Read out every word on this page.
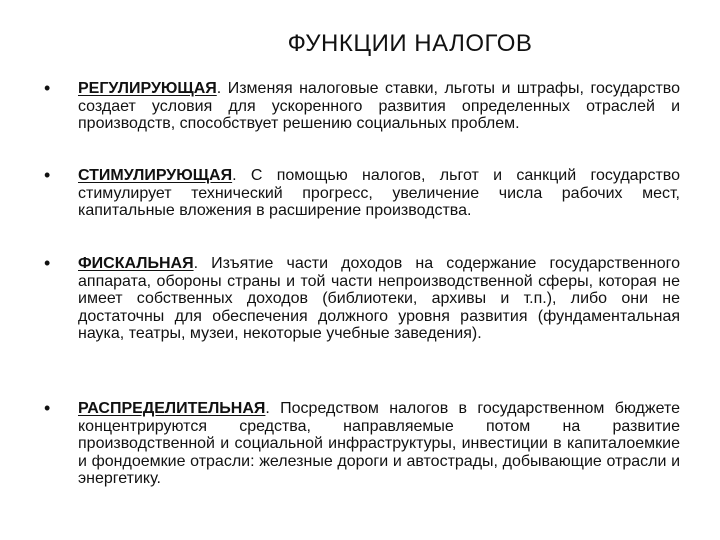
ФУНКЦИИ НАЛОГОВ
• РЕГУЛИРУЮЩАЯ. Изменяя налоговые ставки, льготы и штрафы, государство создает условия для ускоренного развития определенных отраслей и производств, способствует решению социальных проблем.

• СТИМУЛИРУЮЩАЯ. С помощью налогов, льгот и санкций государство стимулирует технический прогресс, увеличение числа рабочих мест, капитальные вложения в расширение производства.

• ФИСКАЛЬНАЯ. Изъятие части доходов на содержание государственного аппарата, обороны страны и той части непроизводственной сферы, которая не имеет собственных доходов (библиотеки, архивы и т.п.), либо они не достаточны для обеспечения должного уровня развития (фундаментальная наука, театры, музеи, некоторые учебные заведения).

• РАСПРЕДЕЛИТЕЛЬНАЯ. Посредством налогов в государственном бюджете концентрируются средства, направляемые потом на развитие производственной и социальной инфраструктуры, инвестиции в капиталоемкие и фондоемкие отрасли: железные дороги и автострады, добывающие отрасли и энергетику.
